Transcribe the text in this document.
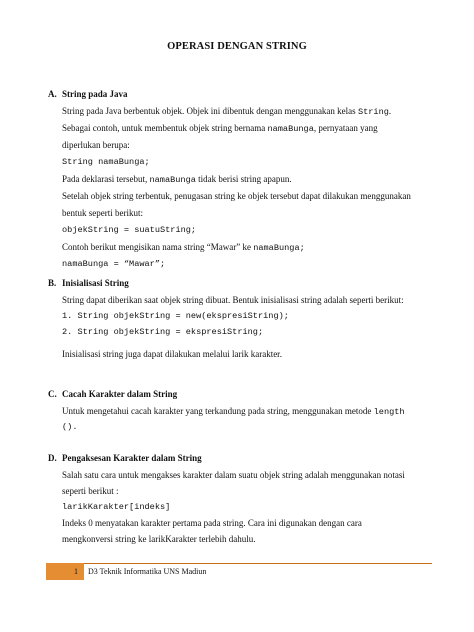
OPERASI DENGAN STRING
A. String pada Java
String pada Java berbentuk objek. Objek ini dibentuk dengan menggunakan kelas String.
Sebagai contoh, untuk membentuk objek string bernama namaBunga, pernyataan yang
diperlukan berupa:
String namaBunga;
Pada deklarasi tersebut, namaBunga tidak berisi string apapun.
Setelah objek string terbentuk, penugasan string ke objek tersebut dapat dilakukan menggunakan
bentuk seperti berikut:
objekString = suatuString;
Contoh berikut mengisikan nama string “Mawar” ke namaBunga;
namaBunga = “Mawar”;
B. Inisialisasi String
String dapat diberikan saat objek string dibuat. Bentuk inisialisasi string adalah seperti berikut:
1. String objekString = new(ekspresiString);
2. String objekString = ekspresiString;
Inisialisasi string juga dapat dilakukan melalui larik karakter.
C. Cacah Karakter dalam String
Untuk mengetahui cacah karakter yang terkandung pada string, menggunakan metode length
().
D. Pengaksesan Karakter dalam String
Salah satu cara untuk mengakses karakter dalam suatu objek string adalah menggunakan notasi
seperti berikut :
larikKarakter[indeks]
Indeks 0 menyatakan karakter pertama pada string. Cara ini digunakan dengan cara
mengkonversi string ke larikKarakter terlebih dahulu.
1	D3 Teknik Informatika UNS Madiun
